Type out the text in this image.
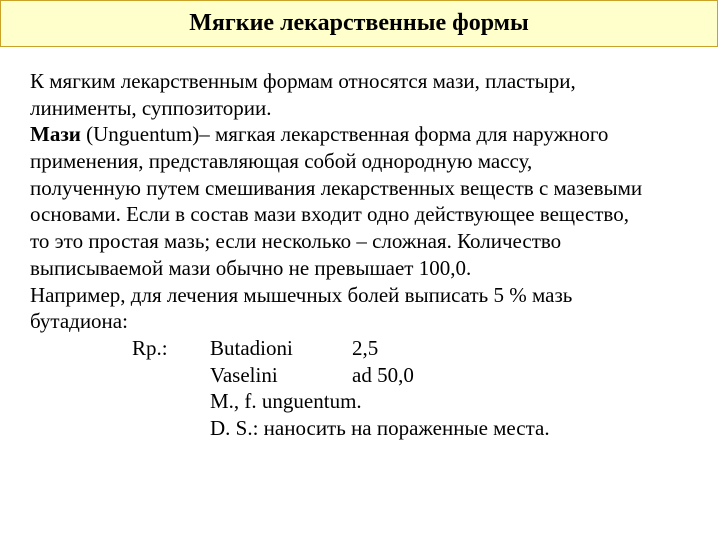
Мягкие лекарственные формы
К мягким лекарственным формам относятся мази, пластыри,
линименты, суппозитории.
Мази (Unguentum)– мягкая лекарственная форма для наружного
применения, представляющая собой однородную массу,
полученную путем смешивания лекарственных веществ с мазевыми
основами. Если в состав мази входит одно действующее вещество,
то это простая мазь; если несколько – сложная. Количество
выписываемой мази обычно не превышает 100,0.
Например, для лечения мышечных болей выписать 5 % мазь
бутадиона:
Rp.: Butadioni	2,5
Vaselini	ad 50,0
M., f. unguentum.
D. S.: наносить на пораженные места.
